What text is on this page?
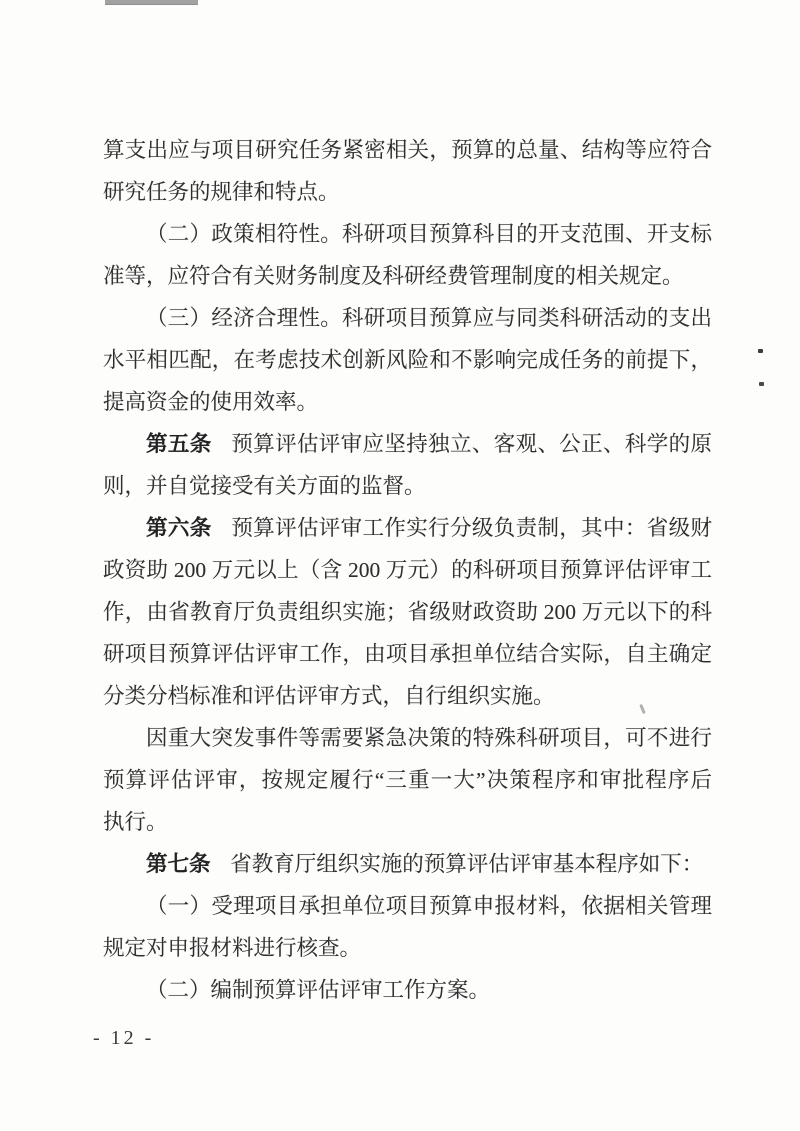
算支出应与项目研究任务紧密相关，预算的总量、结构等应符合
研究任务的规律和特点。
（二）政策相符性。科研项目预算科目的开支范围、开支标
准等，应符合有关财务制度及科研经费管理制度的相关规定。
（三）经济合理性。科研项目预算应与同类科研活动的支出
水平相匹配，在考虑技术创新风险和不影响完成任务的前提下，
提高资金的使用效率。
第五条 预算评估评审应坚持独立、客观、公正、科学的原
则，并自觉接受有关方面的监督。
第六条 预算评估评审工作实行分级负责制，其中：省级财
政资助 200 万元以上（含 200 万元）的科研项目预算评估评审工
作，由省教育厅负责组织实施；省级财政资助 200 万元以下的科
研项目预算评估评审工作，由项目承担单位结合实际，自主确定
分类分档标准和评估评审方式，自行组织实施。
因重大突发事件等需要紧急决策的特殊科研项目，可不进行
预算评估评审，按规定履行“三重一大”决策程序和审批程序后
执行。
第七条 省教育厅组织实施的预算评估评审基本程序如下：
（一）受理项目承担单位项目预算申报材料，依据相关管理
规定对申报材料进行核查。
（二）编制预算评估评审工作方案。
- 12 -
